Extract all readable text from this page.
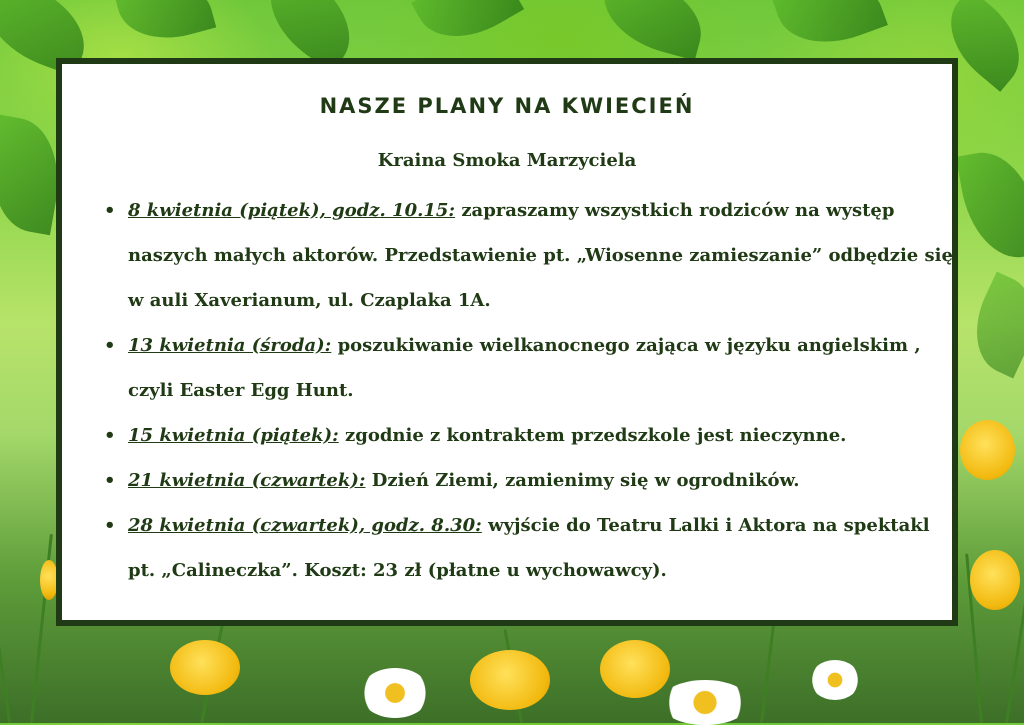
NASZE PLANY NA KWIECIEŃ
Kraina Smoka Marzyciela
• 8 kwietnia (piątek), godz. 10.15: zapraszamy wszystkich rodziców na występ naszych małych aktorów. Przedstawienie pt. „Wiosenne zamieszanie” odbędzie się w auli Xaverianum, ul. Czaplaka 1A.
• 13 kwietnia (środa): poszukiwanie wielkanocnego zająca w języku angielskim , czyli Easter Egg Hunt.
• 15 kwietnia (piątek): zgodnie z kontraktem przedszkole jest nieczynne.
• 21 kwietnia (czwartek): Dzień Ziemi, zamienimy się w ogrodników.
• 28 kwietnia (czwartek), godz. 8.30: wyjście do Teatru Lalki i Aktora na spektakl pt. „Calineczka”. Koszt: 23 zł (płatne u wychowawcy).
